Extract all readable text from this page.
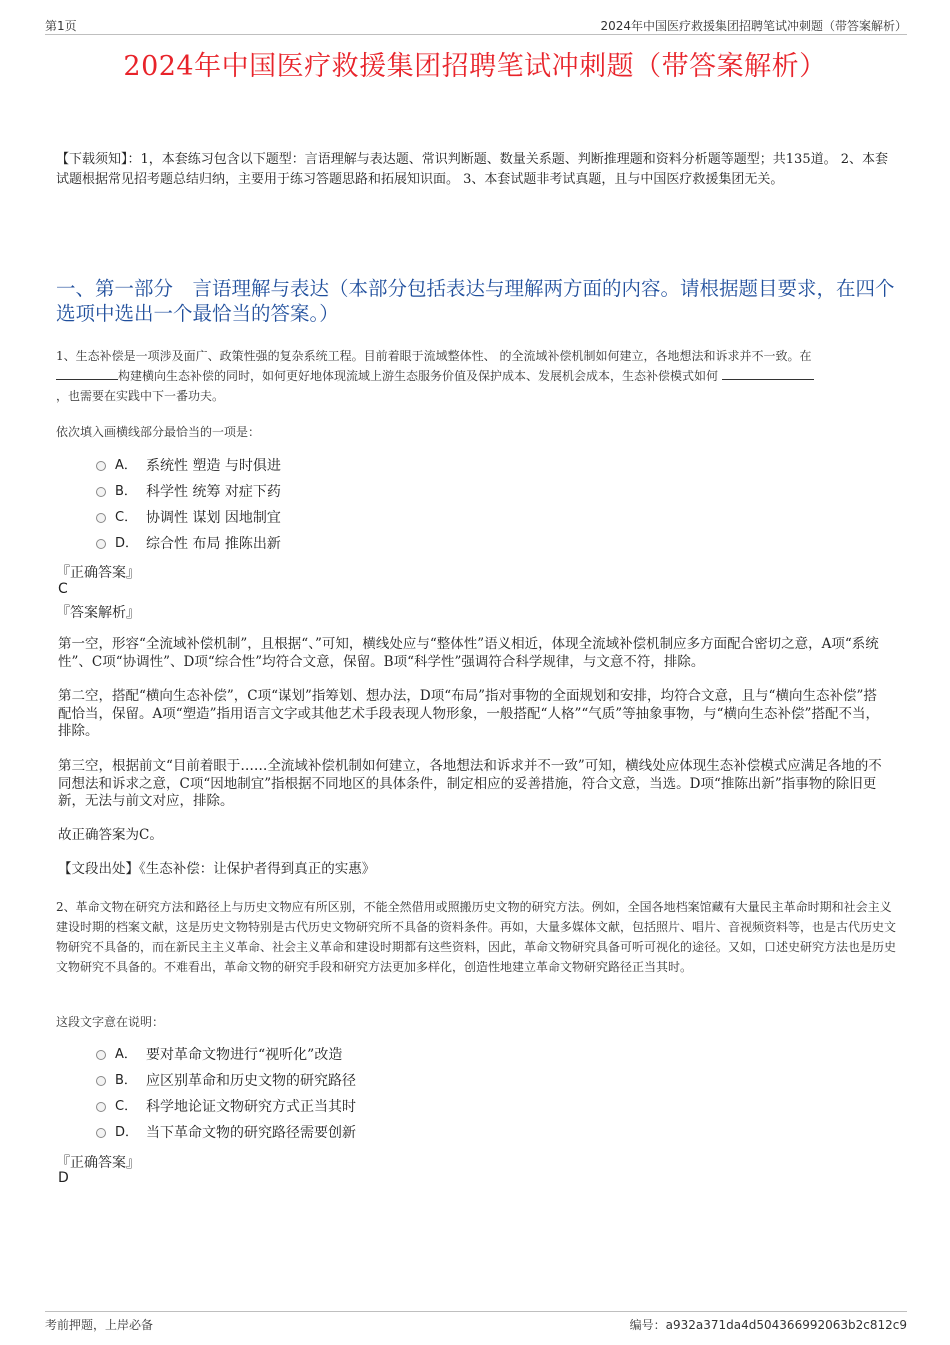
第1页	2024年中国医疗救援集团招聘笔试冲刺题（带答案解析）
2024年中国医疗救援集团招聘笔试冲刺题（带答案解析）
【下载须知】：1，本套练习包含以下题型：言语理解与表达题、常识判断题、数量关系题、判断推理题和资料分析题等题型；共135道。 2、本套试题根据常见招考题总结归纳，主要用于练习答题思路和拓展知识面。 3、本套试题非考试真题，且与中国医疗救援集团无关。
一、第一部分　言语理解与表达（本部分包括表达与理解两方面的内容。请根据题目要求，在四个选项中选出一个最恰当的答案。）
1、生态补偿是一项涉及面广、政策性强的复杂系统工程。目前着眼于流域整体性、 的全流域补偿机制如何建立，各地想法和诉求并不一致。在
构建横向生态补偿的同时，如何更好地体现流域上游生态服务价值及保护成本、发展机会成本，生态补偿模式如何
，也需要在实践中下一番功夫。
依次填入画横线部分最恰当的一项是：
A． 系统性 塑造 与时俱进
B． 科学性 统筹 对症下药
C． 协调性 谋划 因地制宜
D． 综合性 布局 推陈出新
『正确答案』
C
『答案解析』
第一空，形容“全流域补偿机制”，且根据“、”可知，横线处应与“整体性”语义相近，体现全流域补偿机制应多方面配合密切之意，A项“系统性”、C项“协调性”、D项“综合性”均符合文意，保留。B项“科学性”强调符合科学规律，与文意不符，排除。
第二空，搭配“横向生态补偿”，C项“谋划”指筹划、想办法，D项“布局”指对事物的全面规划和安排，均符合文意，且与“横向生态补偿”搭配恰当，保留。A项“塑造”指用语言文字或其他艺术手段表现人物形象，一般搭配“人格”“气质”等抽象事物，与“横向生态补偿”搭配不当，排除。
第三空，根据前文“目前着眼于……全流域补偿机制如何建立，各地想法和诉求并不一致”可知，横线处应体现生态补偿模式应满足各地的不同想法和诉求之意，C项“因地制宜”指根据不同地区的具体条件，制定相应的妥善措施，符合文意，当选。D项“推陈出新”指事物的除旧更新，无法与前文对应，排除。
故正确答案为C。
【文段出处】《生态补偿：让保护者得到真正的实惠》
2、革命文物在研究方法和路径上与历史文物应有所区别，不能全然借用或照搬历史文物的研究方法。例如，全国各地档案馆藏有大量民主革命时期和社会主义建设时期的档案文献，这是历史文物特别是古代历史文物研究所不具备的资料条件。再如，大量多媒体文献，包括照片、唱片、音视频资料等，也是古代历史文物研究不具备的，而在新民主主义革命、社会主义革命和建设时期都有这些资料，因此，革命文物研究具备可听可视化的途径。又如，口述史研究方法也是历史文物研究不具备的。不难看出，革命文物的研究手段和研究方法更加多样化，创造性地建立革命文物研究路径正当其时。
这段文字意在说明：
A． 要对革命文物进行“视听化”改造
B． 应区别革命和历史文物的研究路径
C． 科学地论证文物研究方式正当其时
D． 当下革命文物的研究路径需要创新
『正确答案』
D
考前押题，上岸必备	编号：a932a371da4d504366992063b2c812c9
